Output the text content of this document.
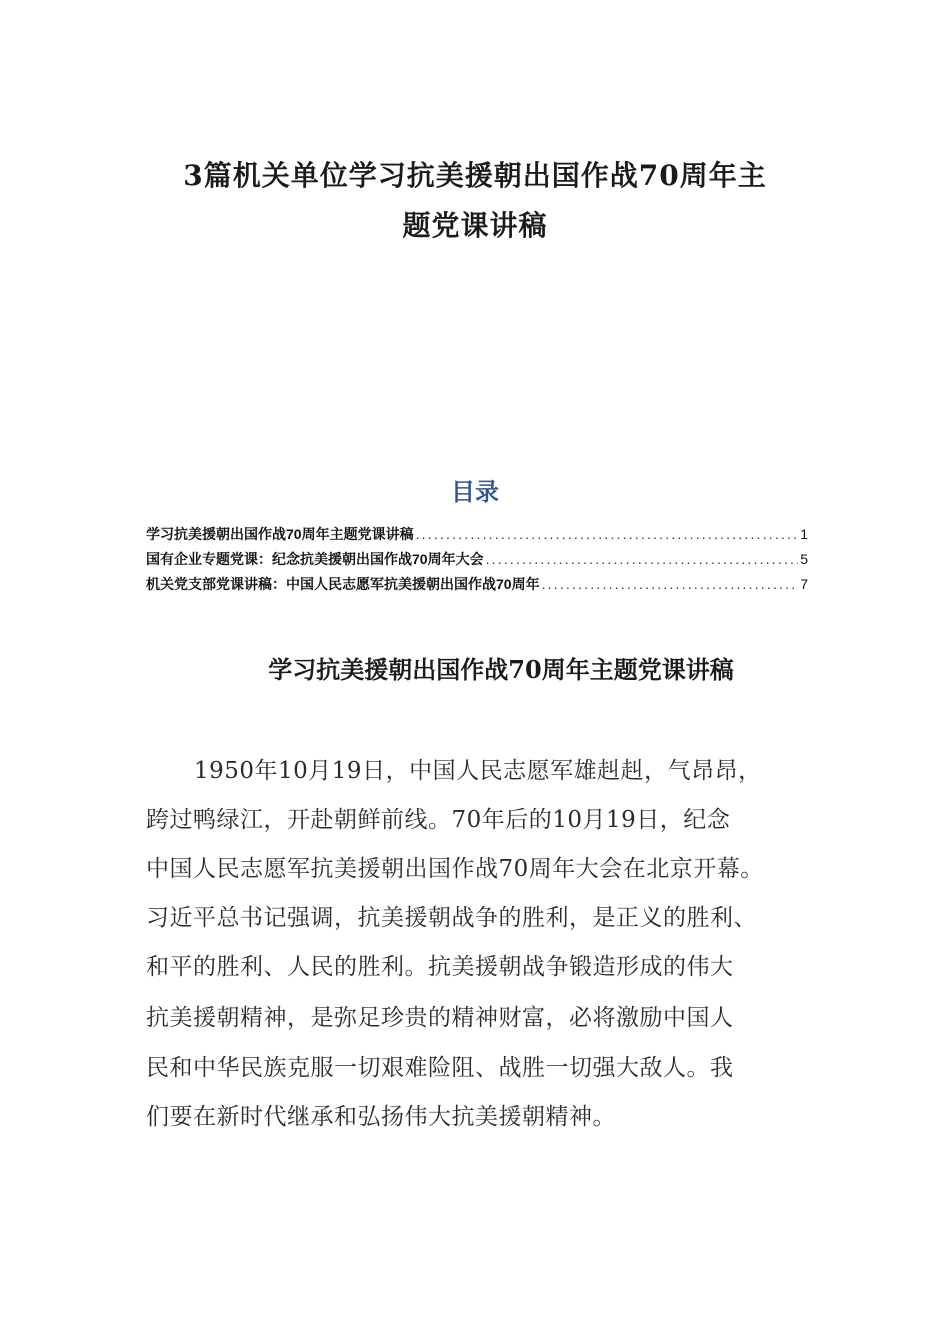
3篇机关单位学习抗美援朝出国作战70周年主
题党课讲稿
目录
学习抗美援朝出国作战70周年主题党课讲稿 .....	1
国有企业专题党课：纪念抗美援朝出国作战70周年大会 .....	5
机关党支部党课讲稿：中国人民志愿军抗美援朝出国作战70周年 .....	7
学习抗美援朝出国作战70周年主题党课讲稿

1950年10月19日，中国人民志愿军雄赳赳，气昂昂，

跨过鸭绿江，开赴朝鲜前线。70年后的10月19日，纪念

中国人民志愿军抗美援朝出国作战70周年大会在北京开幕。

习近平总书记强调，抗美援朝战争的胜利，是正义的胜利、

和平的胜利、人民的胜利。抗美援朝战争锻造形成的伟大

抗美援朝精神，是弥足珍贵的精神财富，必将激励中国人

民和中华民族克服一切艰难险阻、战胜一切强大敌人。我

们要在新时代继承和弘扬伟大抗美援朝精神。
